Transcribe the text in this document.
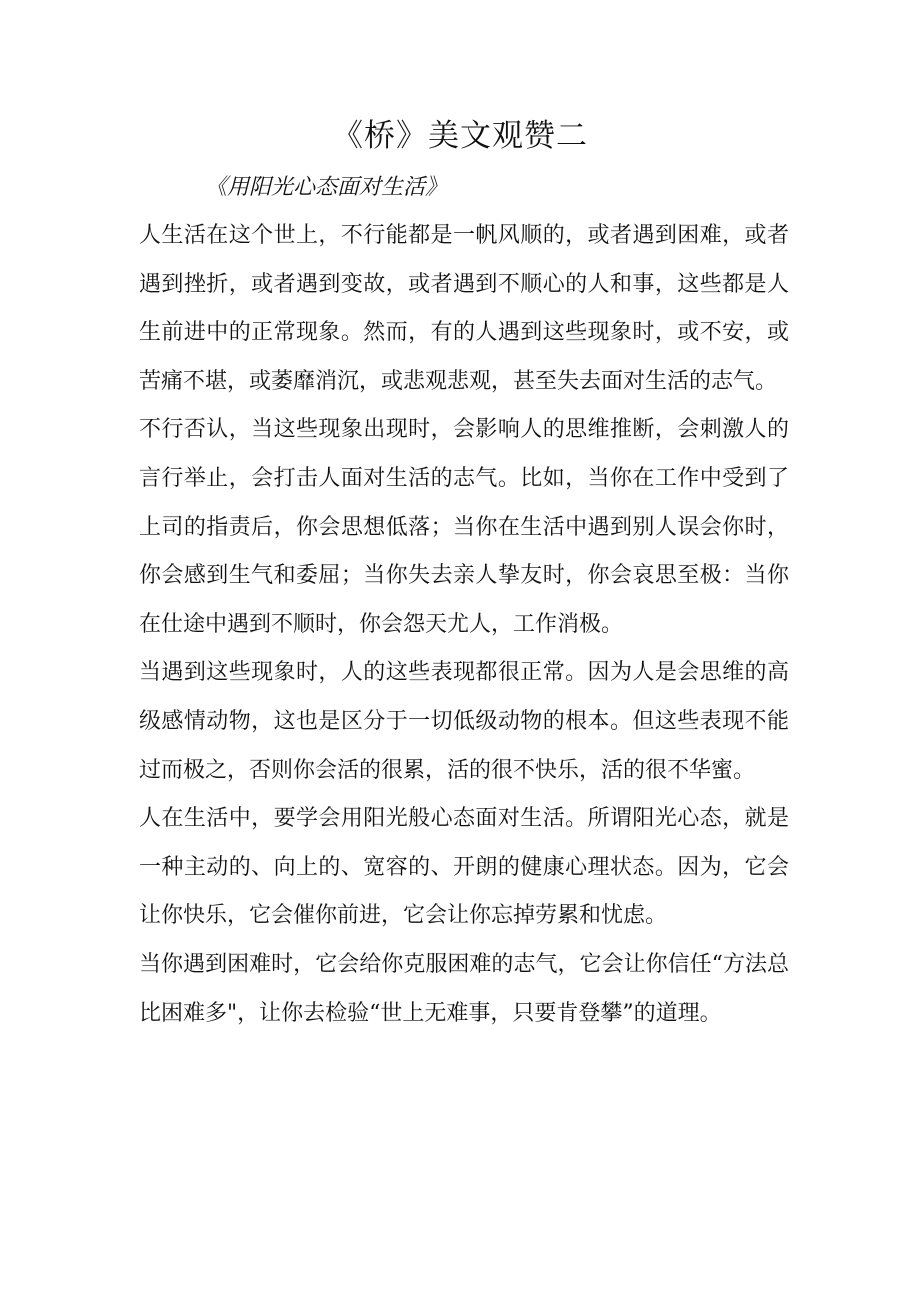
《桥》美文观赞二

《用阳光心态面对生活》

人生活在这个世上，不行能都是一帆风顺的，或者遇到困难，或者遇到挫折，或者遇到变故，或者遇到不顺心的人和事，这些都是人生前进中的正常现象。然而，有的人遇到这些现象时，或不安，或苦痛不堪，或萎靡消沉，或悲观悲观，甚至失去面对生活的志气。

不行否认，当这些现象出现时，会影响人的思维推断，会刺激人的言行举止，会打击人面对生活的志气。比如，当你在工作中受到了上司的指责后，你会思想低落；当你在生活中遇到别人误会你时，你会感到生气和委屈；当你失去亲人挚友时，你会哀思至极：当你在仕途中遇到不顺时，你会怨天尤人，工作消极。

当遇到这些现象时，人的这些表现都很正常。因为人是会思维的高级感情动物，这也是区分于一切低级动物的根本。但这些表现不能过而极之，否则你会活的很累，活的很不快乐，活的很不华蜜。

人在生活中，要学会用阳光般心态面对生活。所谓阳光心态，就是一种主动的、向上的、宽容的、开朗的健康心理状态。因为，它会让你快乐，它会催你前进，它会让你忘掉劳累和忧虑。

当你遇到困难时，它会给你克服困难的志气，它会让你信任“方法总比困难多"，让你去检验“世上无难事，只要肯登攀”的道理。
